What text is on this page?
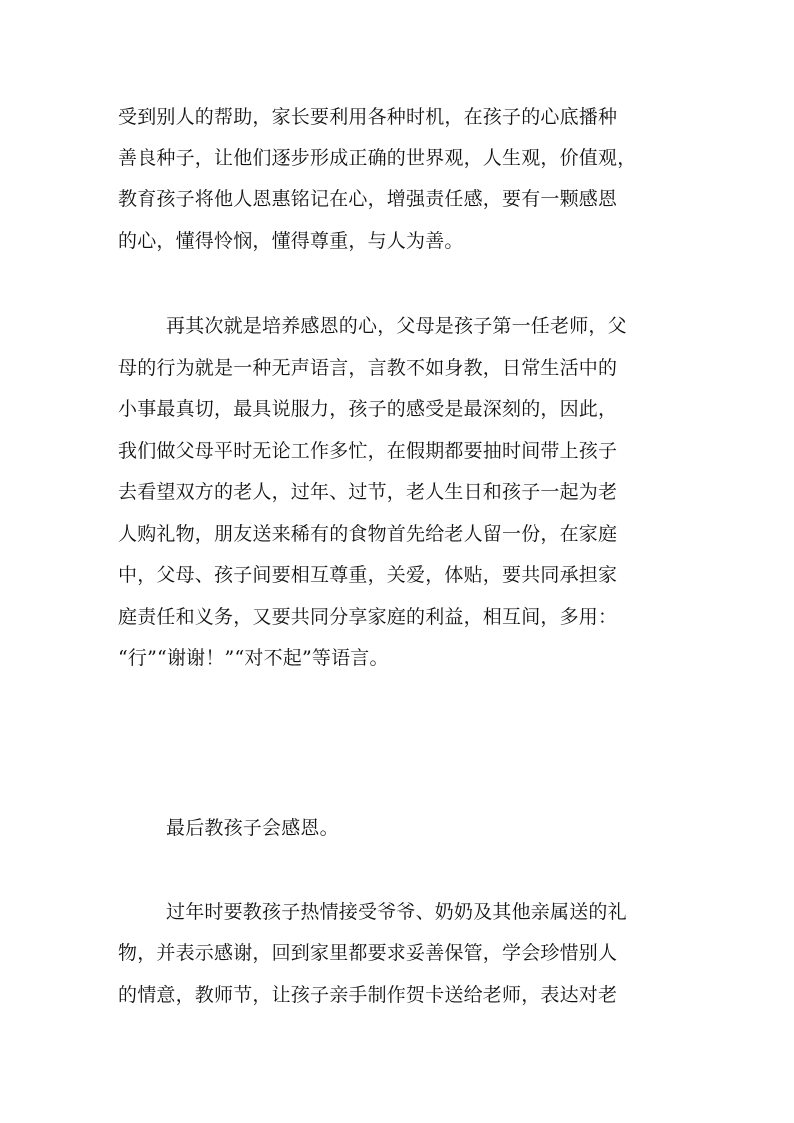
受到别人的帮助，家长要利用各种时机，在孩子的心底播种
善良种子，让他们逐步形成正确的世界观，人生观，价值观，
教育孩子将他人恩惠铭记在心，增强责任感，要有一颗感恩
的心，懂得怜悯，懂得尊重，与人为善。
再其次就是培养感恩的心，父母是孩子第一任老师，父
母的行为就是一种无声语言，言教不如身教，日常生活中的
小事最真切，最具说服力，孩子的感受是最深刻的，因此，
我们做父母平时无论工作多忙，在假期都要抽时间带上孩子
去看望双方的老人，过年、过节，老人生日和孩子一起为老
人购礼物，朋友送来稀有的食物首先给老人留一份，在家庭
中，父母、孩子间要相互尊重，关爱，体贴，要共同承担家
庭责任和义务，又要共同分享家庭的利益，相互间，多用：
“行”“谢谢！”“对不起”等语言。
最后教孩子会感恩。
过年时要教孩子热情接受爷爷、奶奶及其他亲属送的礼
物，并表示感谢，回到家里都要求妥善保管，学会珍惜别人
的情意，教师节，让孩子亲手制作贺卡送给老师，表达对老
